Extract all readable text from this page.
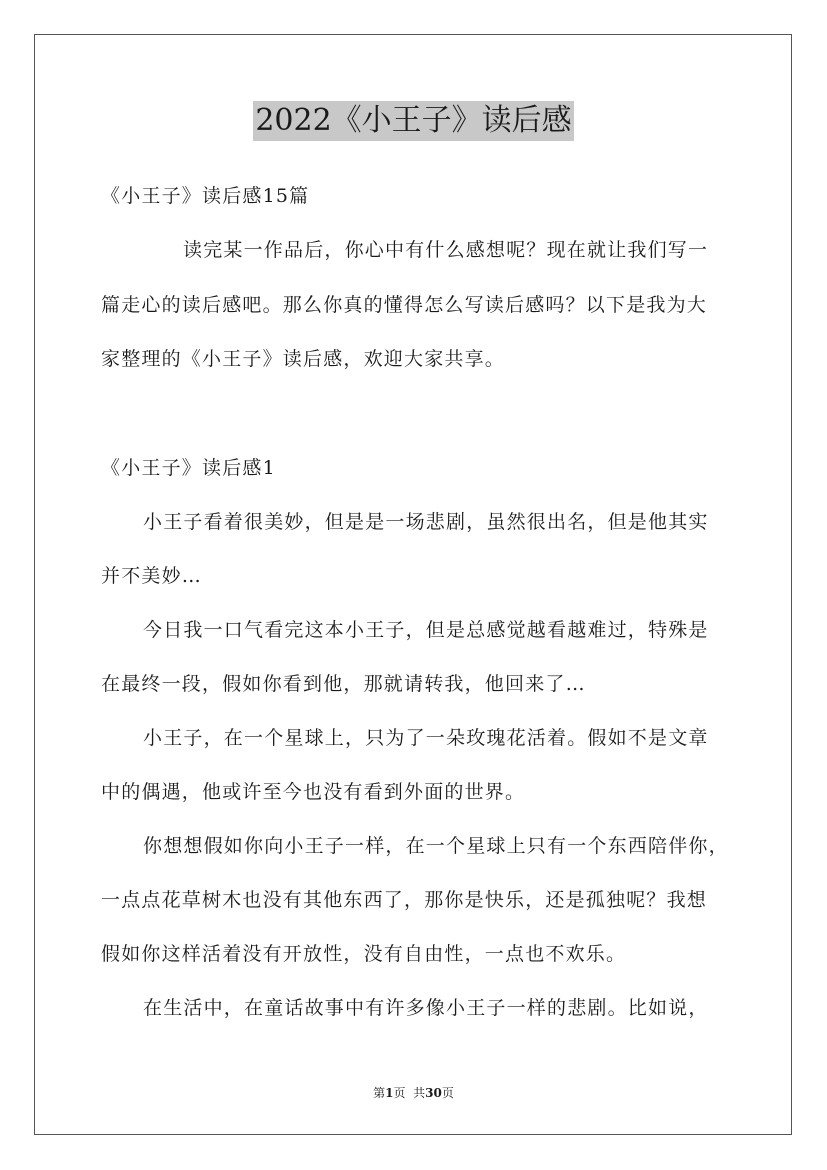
2022《小王子》读后感
《小王子》读后感15篇
读完某一作品后，你心中有什么感想呢？现在就让我们写一
篇走心的读后感吧。那么你真的懂得怎么写读后感吗？以下是我为大
家整理的《小王子》读后感，欢迎大家共享。
《小王子》读后感1
小王子看着很美妙，但是是一场悲剧，虽然很出名，但是他其实
并不美妙…
今日我一口气看完这本小王子，但是总感觉越看越难过，特殊是
在最终一段，假如你看到他，那就请转我，他回来了…
小王子，在一个星球上，只为了一朵玫瑰花活着。假如不是文章
中的偶遇，他或许至今也没有看到外面的世界。
你想想假如你向小王子一样，在一个星球上只有一个东西陪伴你，
一点点花草树木也没有其他东西了，那你是快乐，还是孤独呢？我想
假如你这样活着没有开放性，没有自由性，一点也不欢乐。
在生活中，在童话故事中有许多像小王子一样的悲剧。比如说，
第1页 共30页
